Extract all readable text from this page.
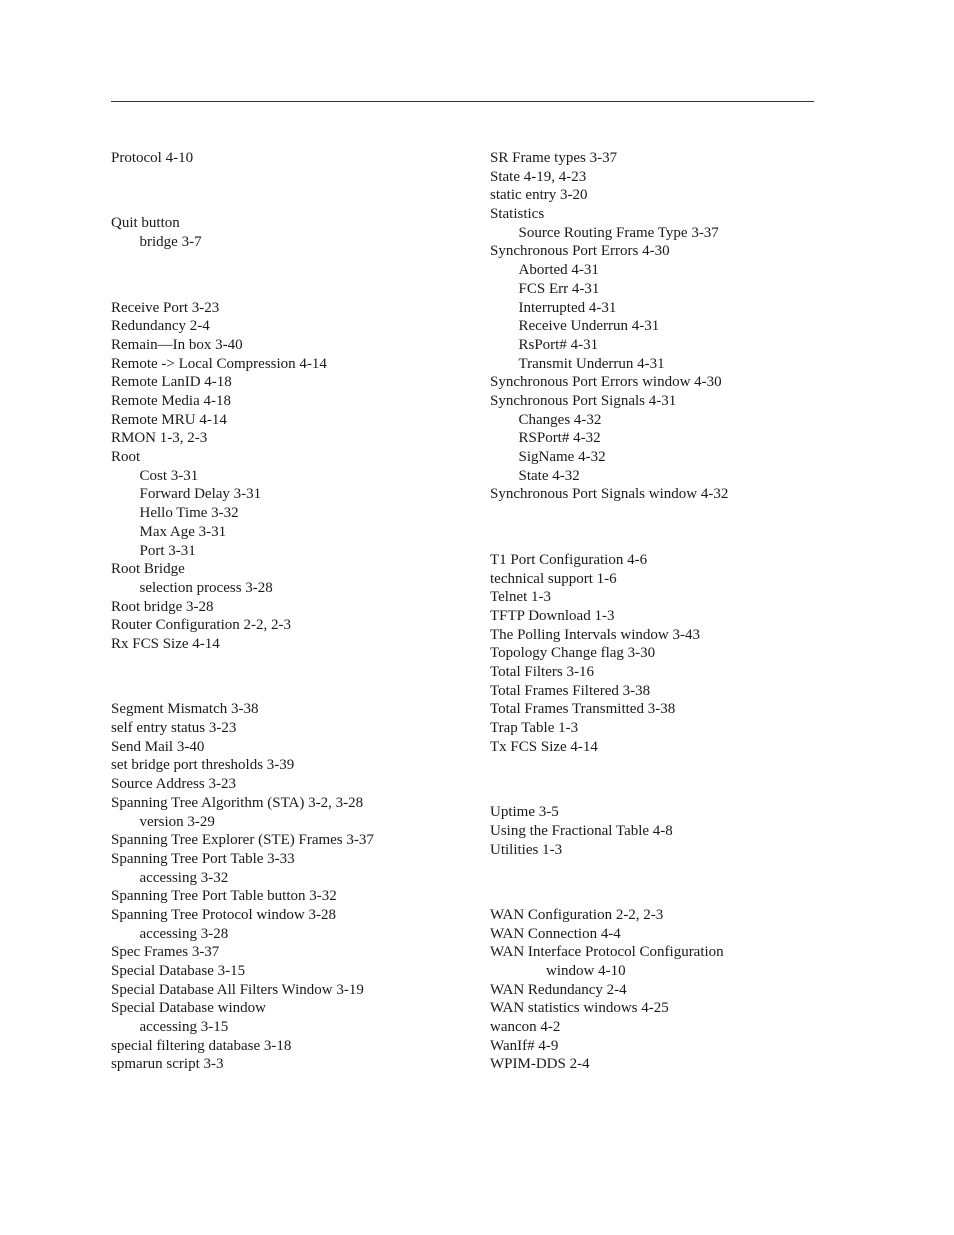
Protocol 4-10
Quit button
bridge 3-7
Receive Port 3-23
Redundancy 2-4
Remain—In box 3-40
Remote -> Local Compression 4-14
Remote LanID 4-18
Remote Media 4-18
Remote MRU 4-14
RMON 1-3, 2-3
Root
Cost 3-31
Forward Delay 3-31
Hello Time 3-32
Max Age 3-31
Port 3-31
Root Bridge
selection process 3-28
Root bridge 3-28
Router Configuration 2-2, 2-3
Rx FCS Size 4-14
Segment Mismatch 3-38
self entry status 3-23
Send Mail 3-40
set bridge port thresholds 3-39
Source Address 3-23
Spanning Tree Algorithm (STA) 3-2, 3-28
version 3-29
Spanning Tree Explorer (STE) Frames 3-37
Spanning Tree Port Table 3-33
accessing 3-32
Spanning Tree Port Table button 3-32
Spanning Tree Protocol window 3-28
accessing 3-28
Spec Frames 3-37
Special Database 3-15
Special Database All Filters Window 3-19
Special Database window
accessing 3-15
special filtering database 3-18
spmarun script 3-3
SR Frame types 3-37
State 4-19, 4-23
static entry 3-20
Statistics
Source Routing Frame Type 3-37
Synchronous Port Errors 4-30
Aborted 4-31
FCS Err 4-31
Interrupted 4-31
Receive Underrun 4-31
RsPort# 4-31
Transmit Underrun 4-31
Synchronous Port Errors window 4-30
Synchronous Port Signals 4-31
Changes 4-32
RSPort# 4-32
SigName 4-32
State 4-32
Synchronous Port Signals window 4-32
T1 Port Configuration 4-6
technical support 1-6
Telnet 1-3
TFTP Download 1-3
The Polling Intervals window 3-43
Topology Change flag 3-30
Total Filters 3-16
Total Frames Filtered 3-38
Total Frames Transmitted 3-38
Trap Table 1-3
Tx FCS Size 4-14
Uptime 3-5
Using the Fractional Table 4-8
Utilities 1-3
WAN Configuration 2-2, 2-3
WAN Connection 4-4
WAN Interface Protocol Configuration
window 4-10
WAN Redundancy 2-4
WAN statistics windows 4-25
wancon 4-2
WanIf# 4-9
WPIM-DDS 2-4
